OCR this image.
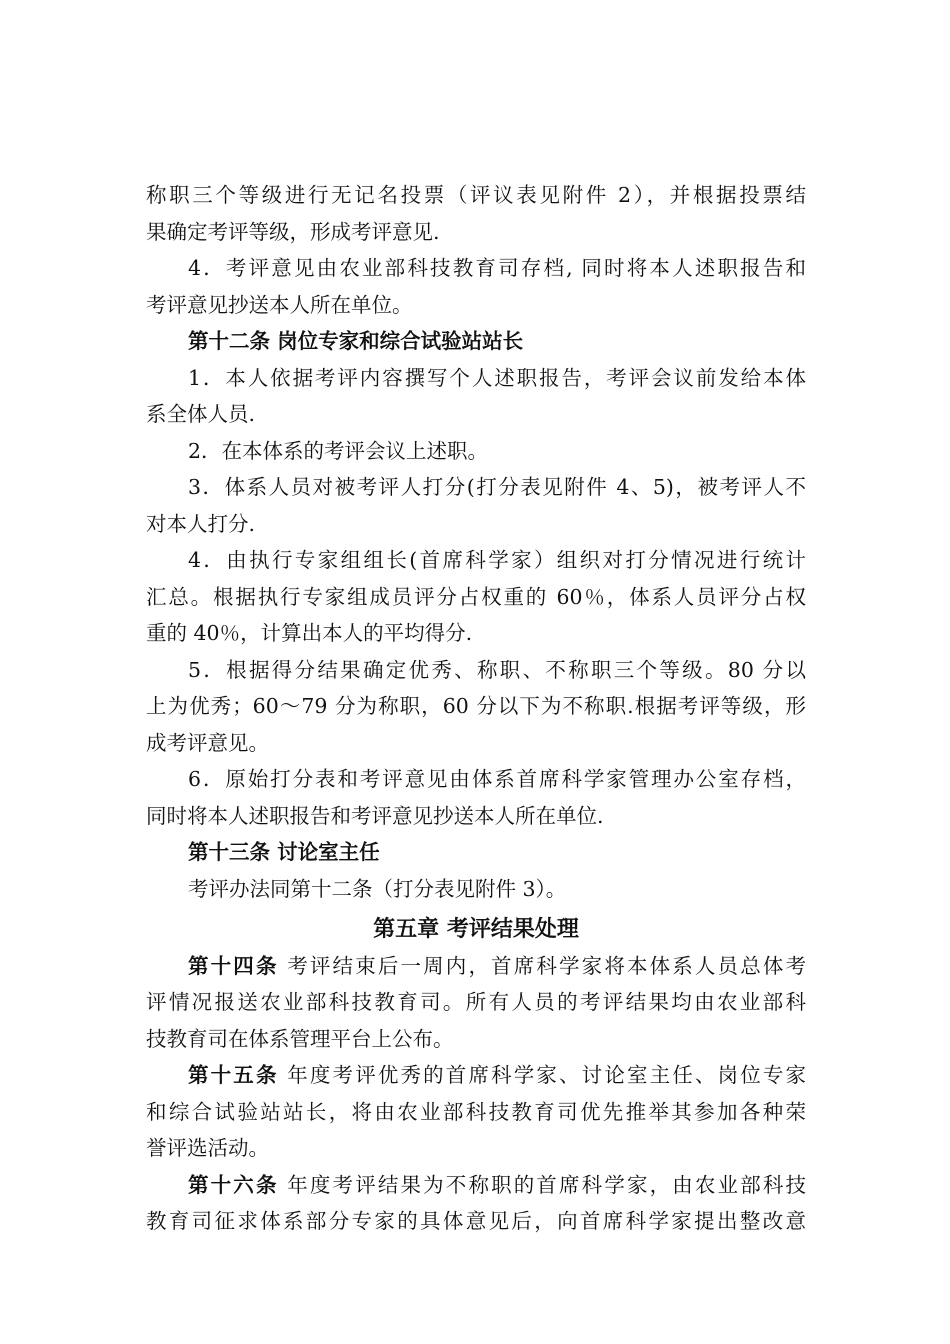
称职三个等级进行无记名投票（评议表见附件 2），并根据投票结
果确定考评等级，形成考评意见.
4．考评意见由农业部科技教育司存档, 同时将本人述职报告和
考评意见抄送本人所在单位。
第十二条 岗位专家和综合试验站站长
1．本人依据考评内容撰写个人述职报告，考评会议前发给本体
系全体人员.
2．在本体系的考评会议上述职。
3．体系人员对被考评人打分(打分表见附件 4、5)，被考评人不
对本人打分.
4．由执行专家组组长(首席科学家）组织对打分情况进行统计
汇总。根据执行专家组成员评分占权重的 60％，体系人员评分占权
重的 40％，计算出本人的平均得分.
5．根据得分结果确定优秀、称职、不称职三个等级。80 分以
上为优秀；60～79 分为称职，60 分以下为不称职.根据考评等级，形
成考评意见。
6．原始打分表和考评意见由体系首席科学家管理办公室存档，
同时将本人述职报告和考评意见抄送本人所在单位.
第十三条 讨论室主任
考评办法同第十二条（打分表见附件 3）。
第五章 考评结果处理
第十四条 考评结束后一周内，首席科学家将本体系人员总体考
评情况报送农业部科技教育司。所有人员的考评结果均由农业部科
技教育司在体系管理平台上公布。
第十五条 年度考评优秀的首席科学家、讨论室主任、岗位专家
和综合试验站站长，将由农业部科技教育司优先推举其参加各种荣
誉评选活动。
第十六条 年度考评结果为不称职的首席科学家，由农业部科技
教育司征求体系部分专家的具体意见后，向首席科学家提出整改意
